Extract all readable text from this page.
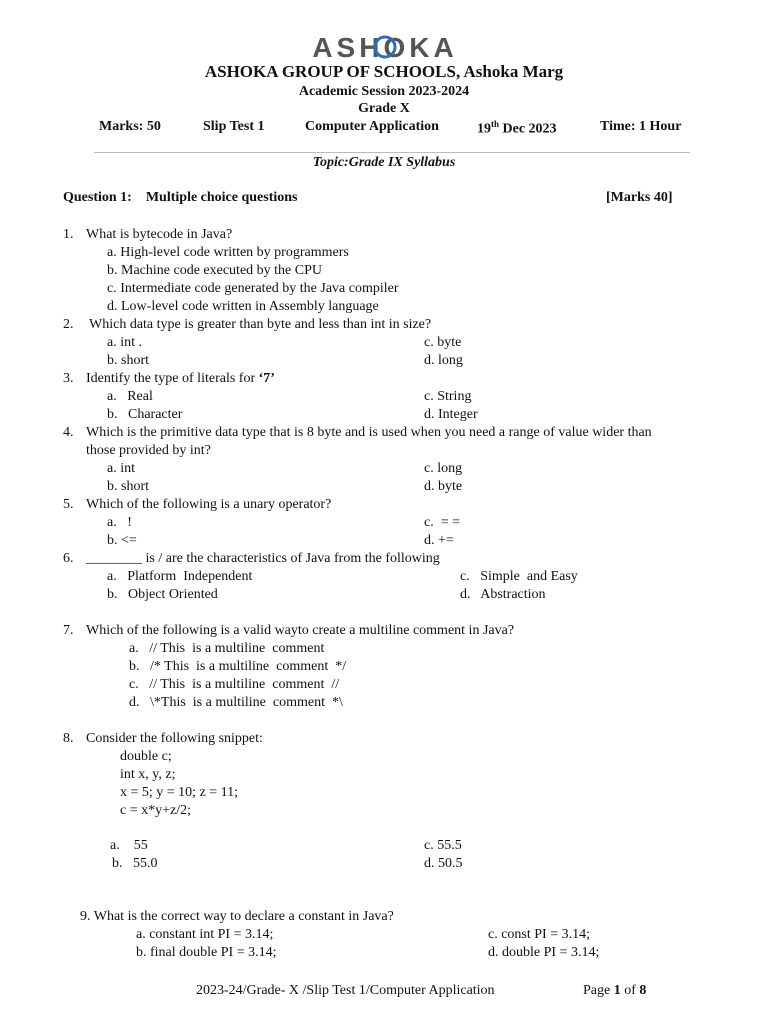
ASHOKA
ASHOKA GROUP OF SCHOOLS, Ashoka Marg
Academic Session 2023-2024
Grade X
Marks: 50	Slip Test 1	Computer Application	19th Dec 2023	Time: 1 Hour
Topic:Grade IX Syllabus
Question 1:    Multiple choice questions	[Marks 40]
1. What is bytecode in Java?
a. High-level code written by programmers
b. Machine code executed by the CPU
c. Intermediate code generated by the Java compiler
d. Low-level code written in Assembly language
2. Which data type is greater than byte and less than int in size?
a. int .	c. byte
b. short	d. long
3. Identify the type of literals for ‘7’
a.   Real	c. String
b.   Character	d. Integer
4. Which is the primitive data type that is 8 byte and is used when you need a range of value wider than
those provided by int?
a. int	c. long
b. short	d. byte
5. Which of the following is a unary operator?
a.   !	c.  = =
b. <=	d. +=
6. ________ is / are the characteristics of Java from the following
a.   Platform  Independent	c.   Simple  and Easy
b.   Object Oriented	d.   Abstraction
7. Which of the following is a valid wayto create a multiline comment in Java?
a.   // This  is a multiline  comment
b.   /* This  is a multiline  comment  */
c.   // This  is a multiline  comment  //
d.   \*This  is a multiline  comment  *\
8. Consider the following snippet:
double c;
int x, y, z;
x = 5; y = 10; z = 11;
c = x*y+z/2;
a.    55	c. 55.5
b.   55.0	d. 50.5
9. What is the correct way to declare a constant in Java?
a. constant int PI = 3.14;	c. const PI = 3.14;
b. final double PI = 3.14;	d. double PI = 3.14;
2023-24/Grade- X /Slip Test 1/Computer Application	Page 1 of 8
